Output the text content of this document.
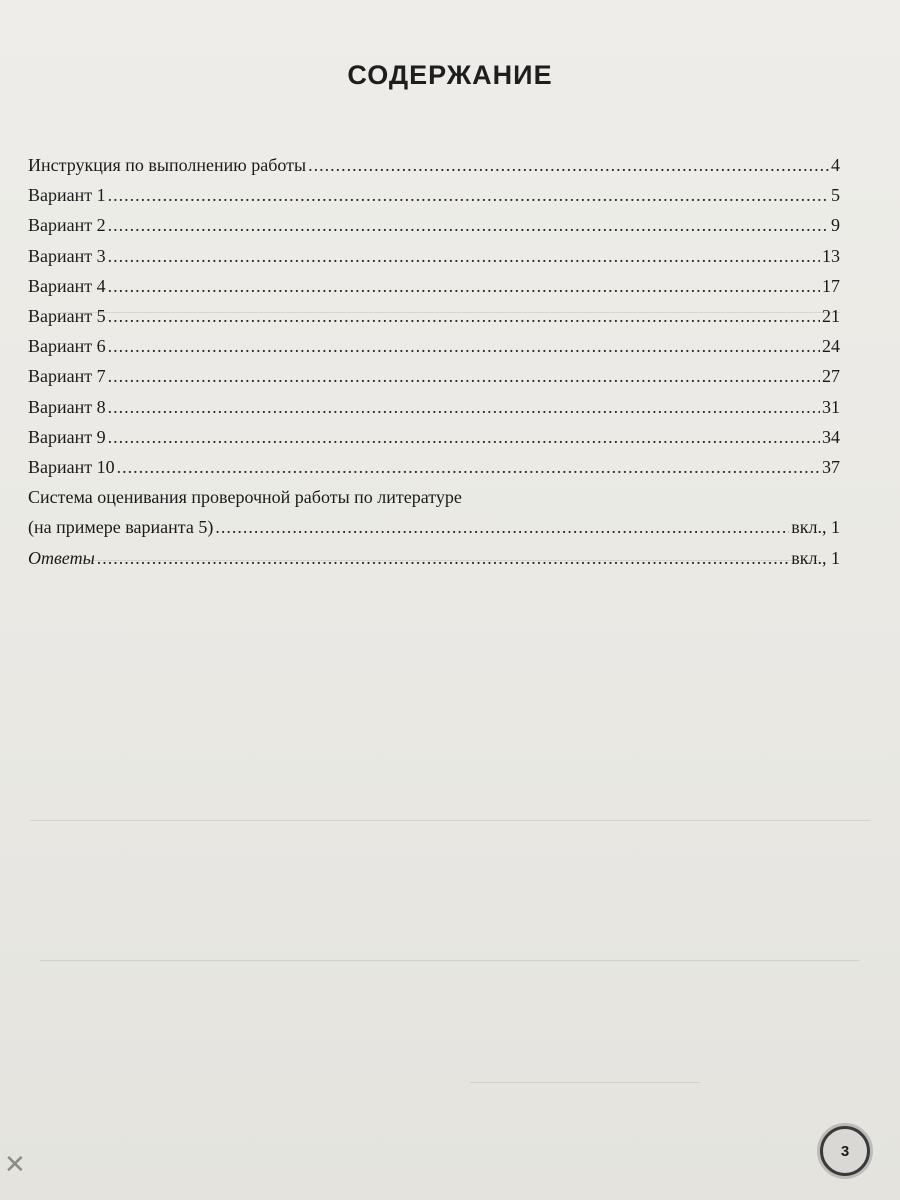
СОДЕРЖАНИЕ
Инструкция по выполнению работы .....	4
Вариант 1 .....	5
Вариант 2 .....	9
Вариант 3 .....	13
Вариант 4 .....	17
Вариант 5 .....	21
Вариант 6 .....	24
Вариант 7 .....	27
Вариант 8 .....	31
Вариант 9 .....	34
Вариант 10 .....	37
Система оценивания проверочной работы по литературе
(на примере варианта 5) .....	вкл., 1
Ответы .....	вкл., 1
3
✕
